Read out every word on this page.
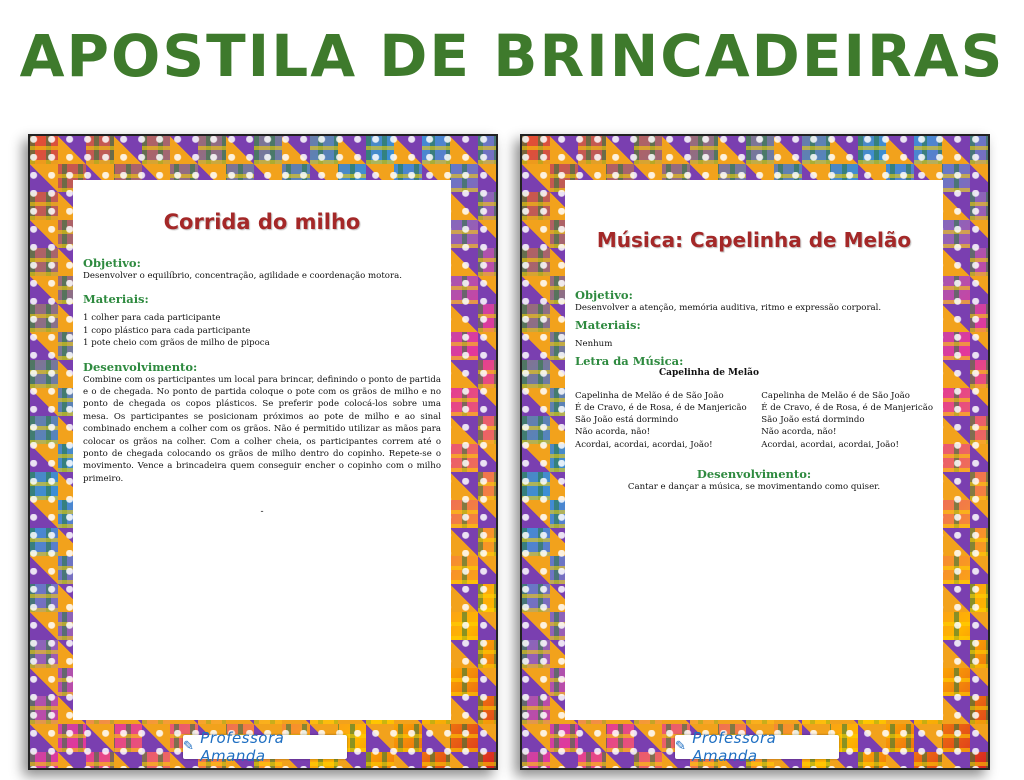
APOSTILA DE BRINCADEIRAS
Corrida do milho

Objetivo:

Desenvolver o equilíbrio, concentração, agilidade e coordenação motora.

Materiais:

1 colher para cada participante

1 copo plástico para cada participante

1 pote cheio com grãos de milho de pipoca

Desenvolvimento:

Combine com os participantes um local para brincar, definindo o ponto de partida e o de chegada. No ponto de partida coloque o pote com os grãos de milho e no ponto de chegada os copos plásticos. Se preferir pode colocá-los sobre uma mesa. Os participantes se posicionam próximos ao pote de milho e ao sinal combinado enchem a colher com os grãos. Não é permitido utilizar as mãos para colocar os grãos na colher. Com a colher cheia, os participantes correm até o ponto de chegada colocando os grãos de milho dentro do copinho. Repete-se o movimento. Vence a brincadeira quem conseguir encher o copinho com o milho primeiro.

-
✎ Professora Amanda
Música: Capelinha de Melão

Objetivo:

Desenvolver a atenção, memória auditiva, ritmo e expressão corporal.

Materiais:

Nenhum

Letra da Música:

Capelinha de Melão

Capelinha de Melão é de São João

É de Cravo, é de Rosa, é de Manjericão

São João está dormindo

Não acorda, não!

Acordai, acordai, acordai, João!

Capelinha de Melão é de São João

É de Cravo, é de Rosa, é de Manjericão

São João está dormindo

Não acorda, não!

Acordai, acordai, acordai, João!

Desenvolvimento:

Cantar e dançar a música, se movimentando como quiser.

✎ Professora Amanda
